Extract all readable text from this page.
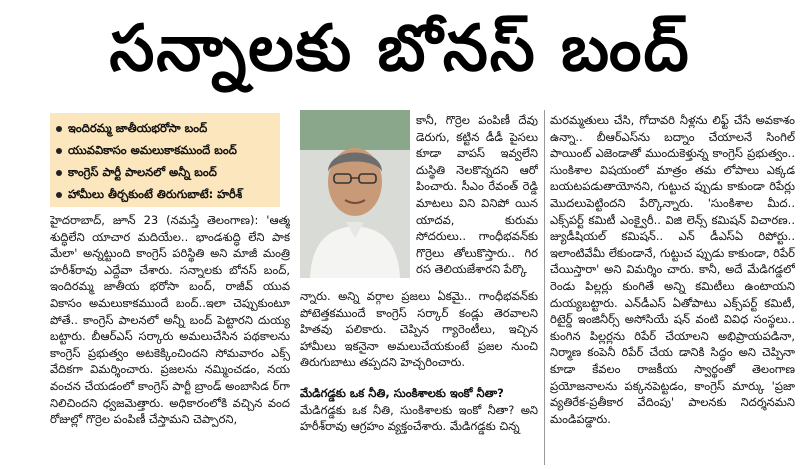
సన్నాలకు బోనస్ బంద్
ఇందిరమ్మ జాతీయభరోసా బంద్
యువవికాసం అమలుకాకముందే బంద్
కాంగ్రెస్ పార్టీ పాలనలో అన్నీ బంద్
హామీలు తీర్చకుంటే తిరుగుబాటే: హరీశ్

హైదరాబాద్, జూన్ 23 (నమస్తే తెలంగాణ): 'ఆత్మ శుద్ధిలేని యాచార మదియేల.. భాండశుద్ధి లేని పాక మేలా' అన్నట్టుంది కాంగ్రెస్ పరిస్థితి అని మాజీ మంత్రి హరీశ్‌రావు ఎద్దేవా చేశారు. సన్నాలకు బోనస్ బంద్, ఇందిరమ్మ జాతీయ భరోసా బంద్, రాజీవ్ యువ వికాసం అమలుకాకముందే బంద్..ఇలా చెప్పుకుంటూ పోతే.. కాంగ్రెస్ పాలనలో అన్నీ బంద్ పెట్టారని దుయ్య బట్టారు. బీఆర్ఎస్ సర్కారు అమలుచేసిన పథకాలను కాంగ్రెస్ ప్రభుత్వం అటకెక్కించిందని సోమవారం ఎక్స్ వేదికగా విమర్శించారు. ప్రజలను నమ్మించడం, నయ వంచన చేయడంలో కాంగ్రెస్ పార్టీ బ్రాండ్ అంబాసిడ ర్‌గా నిలిచిందని ధ్వజమెత్తారు. అధికారంలోకి వచ్చిన వంద రోజుల్లో గొర్రెల పంపిణీ చేస్తామని చెప్పారని,

కానీ, గొర్రెల పంపిణీ దేవు డెరుగు, కట్టిన డీడీ పైసలు కూడా వాపస్ ఇవ్వలేని దుస్థితి నెలకొన్నదని ఆరో పించారు. సీఎం రేవంత్ రెడ్డి మాటలు విని వినిపో యిన యాదవ, కురుమ సోదరులు.. గాంధీభవన్‌కు గొర్రెలు తోలుకొస్తారు.. గిర రస తెలియజేశారని పేర్కొ

న్నారు. అన్ని వర్గాల ప్రజలు ఏకమై.. గాంధీభవన్‌కు పోటెత్తకముందే కాంగ్రెస్ సర్కార్ కండ్లు తెరవాలని హితవు పలికారు. చెప్పిన గ్యారెంటీలు, ఇచ్చిన హామీలు ఇకనైనా అమలుచేయకుంటే ప్రజల నుంచి తిరుగుబాటు తప్పదని హెచ్చరించారు.

మేడిగడ్డకు ఒక నీతి, సుంకిశాలకు ఇంకో నీతా?

మేడిగడ్డకు ఒక నీతి, సుంకిశాలకు ఇంకో నీతా? అని హరీశ్‌రావు ఆగ్రహం వ్యక్తంచేశారు. మేడిగడ్డకు చిన్న

మరమ్మతులు చేసి, గోదావరి నీళ్లను లిఫ్ట్ చేసే అవకాశం ఉన్నా.. బీఆర్ఎస్‌ను బద్నాం చేయాలనే సింగిల్ పాయింట్ ఎజెండాతో ముందుకెళ్తున్న కాంగ్రెస్ ప్రభుత్వం.. సుంకిశాల విషయంలో మాత్రం తమ లోపాలు ఎక్కడ బయటపడుతాయోనని, గుట్టుచ ప్పుడు కాకుండా రిపేర్లు మొదలుపెట్టిందని పేర్కొన్నారు. 'సుంకిశాల మీద.. ఎక్స్‌పర్ట్ కమిటీ ఎంక్వైరీ.. విజి లెన్స్ కమిషన్ విచారణ.. జ్యుడీషియల్ కమిషన్.. ఎన్ డీఎస్ఏ రిపోర్టు.. ఇలాంటివేమీ లేకుండానే, గుట్టుచ ప్పుడు కాకుండా, రిపేర్ చేయిస్తారా' అని విమర్శిం చారు. కానీ, అదే మేడిగడ్డలో రెండు పిల్లర్లు కుంగితే అన్ని కమిటీలు ఉంటాయని దుయ్యబట్టారు. ఎన్‌డీఎస్ ఏతోపాటు ఎక్స్‌పర్ట్ కమిటీ, రిటైర్డ్ ఇంజినీర్స్ అసోసియే షన్ వంటి వివిధ సంస్థలు.. కుంగిన పిల్లర్లను రిపేర్ చేయాలని అభిప్రాయపడినా, నిర్మాణ కంపెనీ రిపేర్ చేయ డానికి సిద్ధం అని చెప్పినా కూడా కేవలం రాజకీయ స్వార్థంతో తెలంగాణ ప్రయోజనాలను పక్కనపెట్టడం, కాంగ్రెస్ మార్కు 'ప్రజా వ్యతిరేక-ప్రతీకార వేదింపు' పాలనకు నిదర్శనమని మండిపడ్డారు.
